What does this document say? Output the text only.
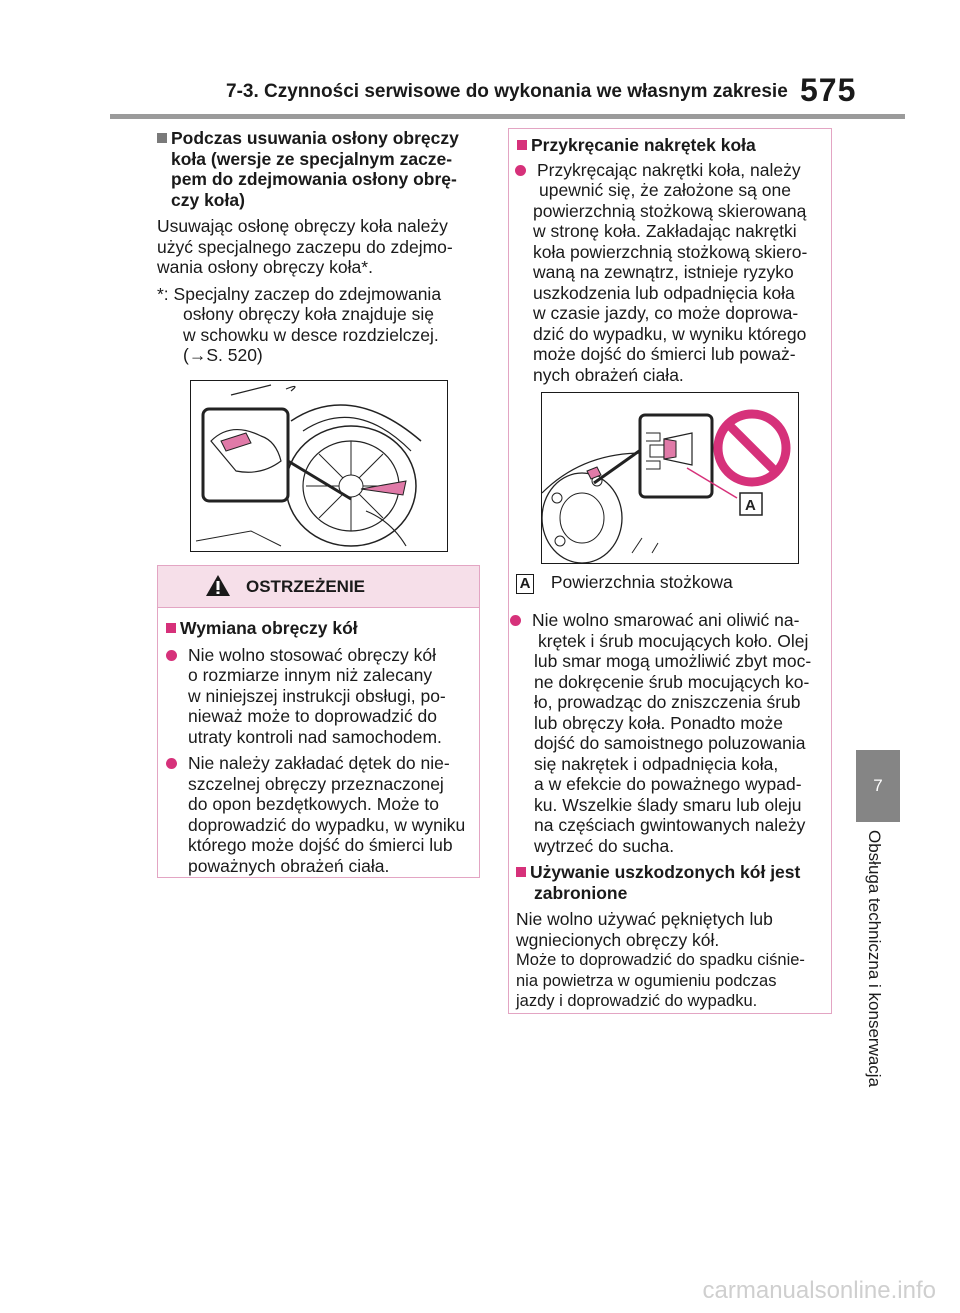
7-3. Czynności serwisowe do wykonania we własnym zakresie 575
7
Obsługa techniczna i konserwacja
Podczas usuwania osłony obręczy
koła (wersje ze specjalnym zacze-
pem do zdejmowania osłony obrę-
czy koła)
Usuwając osłonę obręczy koła należy
użyć specjalnego zaczepu do zdejmo-
wania osłony obręczy koła*.
*: Specjalny zaczep do zdejmowania
osłony obręczy koła znajduje się
w schowku w desce rozdzielczej.
(→S. 520)
OSTRZEŻENIE
Wymiana obręczy kół
Nie wolno stosować obręczy kół
o rozmiarze innym niż zalecany
w niniejszej instrukcji obsługi, po-
nieważ może to doprowadzić do
utraty kontroli nad samochodem.
Nie należy zakładać dętek do nie-
szczelnej obręczy przeznaczonej
do opon bezdętkowych. Może to
doprowadzić do wypadku, w wyniku
którego może dojść do śmierci lub
poważnych obrażeń ciała.
Przykręcanie nakrętek koła
Przykręcając nakrętki koła, należy
upewnić się, że założone są one
powierzchnią stożkową skierowaną
w stronę koła. Zakładając nakrętki
koła powierzchnią stożkową skiero-
waną na zewnątrz, istnieje ryzyko
uszkodzenia lub odpadnięcia koła
w czasie jazdy, co może doprowa-
dzić do wypadku, w wyniku którego
może dojść do śmierci lub poważ-
nych obrażeń ciała.
A
A Powierzchnia stożkowa
Nie wolno smarować ani oliwić na-
krętek i śrub mocujących koło. Olej
lub smar mogą umożliwić zbyt moc-
ne dokręcenie śrub mocujących ko-
ło, prowadząc do zniszczenia śrub
lub obręczy koła. Ponadto może
dojść do samoistnego poluzowania
się nakrętek i odpadnięcia koła,
a w efekcie do poważnego wypad-
ku. Wszelkie ślady smaru lub oleju
na częściach gwintowanych należy
wytrzeć do sucha.
Używanie uszkodzonych kół jest
zabronione
Nie wolno używać pękniętych lub
wgniecionych obręczy kół.
Może to doprowadzić do spadku ciśnie-
nia powietrza w ogumieniu podczas
jazdy i doprowadzić do wypadku.
carmanualsonline.info
